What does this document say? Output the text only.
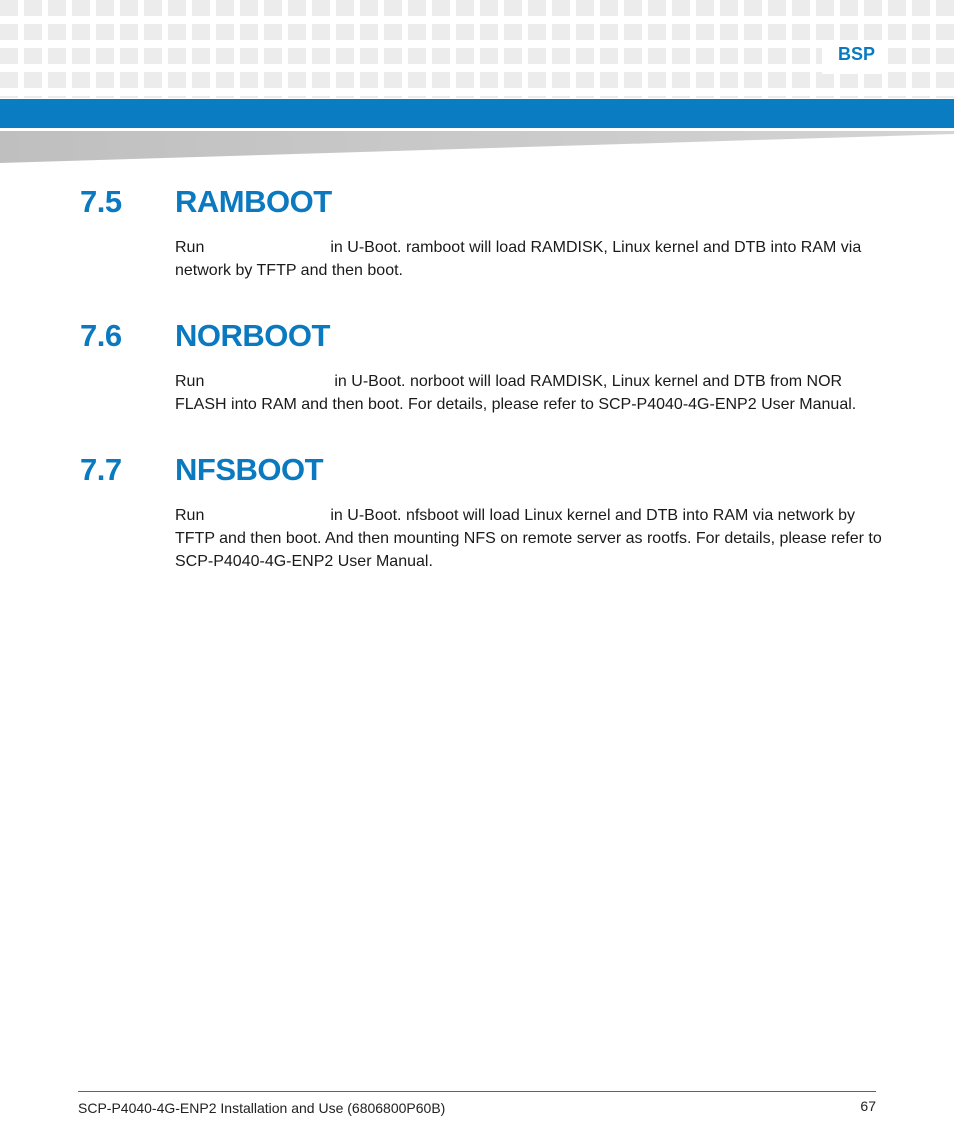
BSP
7.5 RAMBOOT

Run	in U-Boot. ramboot will load RAMDISK, Linux kernel and DTB into RAM via
network by TFTP and then boot.

7.6 NORBOOT

Run	in U-Boot. norboot will load RAMDISK, Linux kernel and DTB from NOR
FLASH into RAM and then boot. For details, please refer to SCP-P4040-4G-ENP2 User Manual.

7.7 NFSBOOT

Run	in U-Boot. nfsboot will load Linux kernel and DTB into RAM via network by
TFTP and then boot. And then mounting NFS on remote server as rootfs. For details, please refer to SCP-P4040-4G-ENP2 User Manual.

SCP-P4040-4G-ENP2 Installation and Use (6806800P60B)	67
